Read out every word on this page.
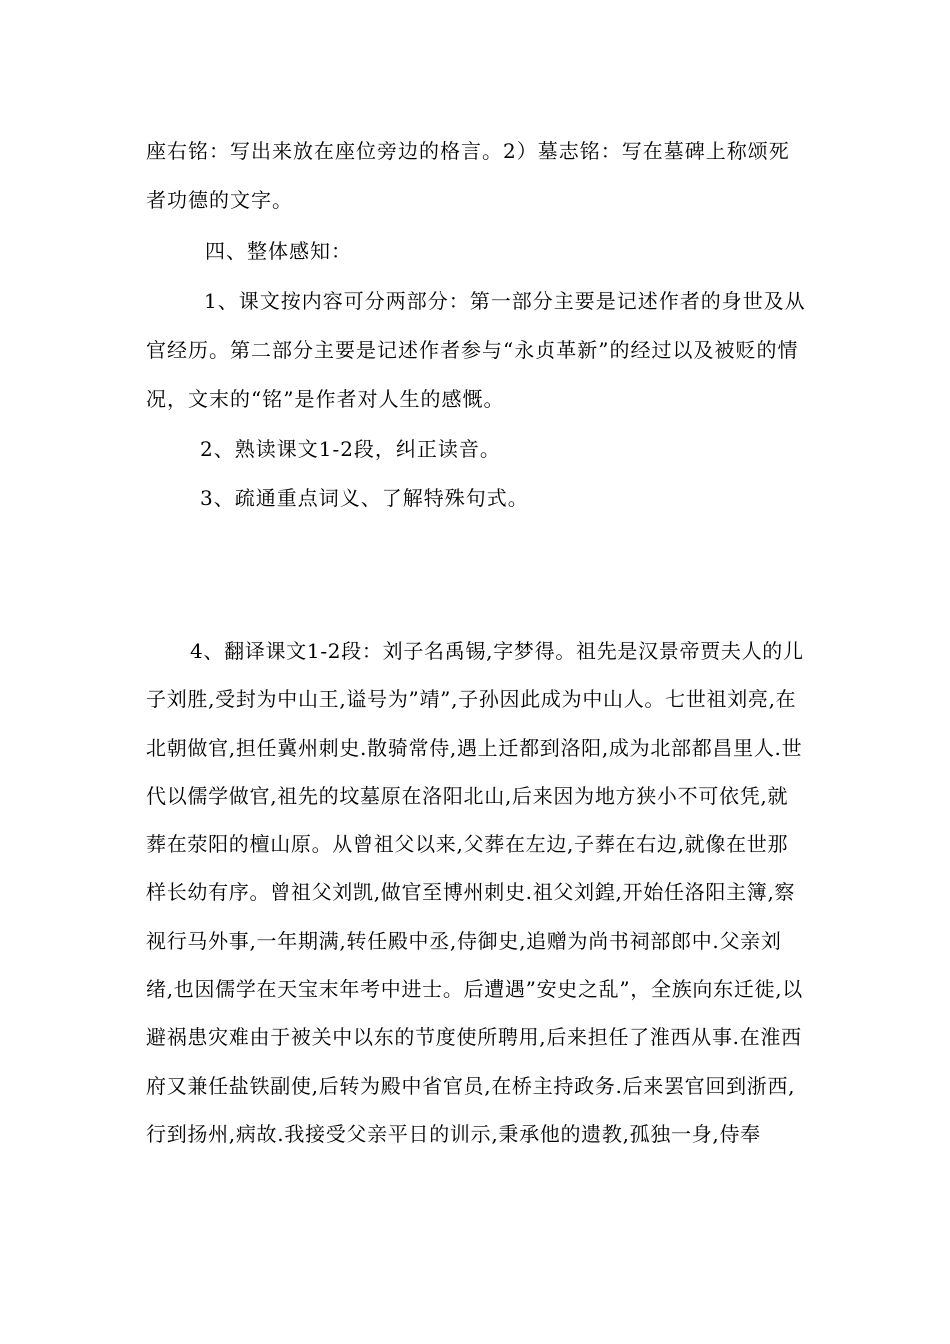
座右铭：写出来放在座位旁边的格言。2）墓志铭：写在墓碑上称颂死者功德的文字。

四、整体感知：

1、课文按内容可分两部分：第一部分主要是记述作者的身世及从官经历。第二部分主要是记述作者参与“永贞革新”的经过以及被贬的情况，文末的“铭”是作者对人生的感慨。

2、熟读课文1-2段，纠正读音。

3、疏通重点词义、了解特殊句式。

4、翻译课文1-2段：刘子名禹锡,字梦得。祖先是汉景帝贾夫人的儿子刘胜,受封为中山王,谥号为”靖”,子孙因此成为中山人。七世祖刘亮,在北朝做官,担任冀州刺史.散骑常侍,遇上迁都到洛阳,成为北部都昌里人.世代以儒学做官,祖先的坟墓原在洛阳北山,后来因为地方狭小不可依凭,就葬在荥阳的檀山原。从曾祖父以来,父葬在左边,子葬在右边,就像在世那样长幼有序。曾祖父刘凯,做官至博州刺史.祖父刘鍠,开始任洛阳主簿,察视行马外事,一年期满,转任殿中丞,侍御史,追赠为尚书祠部郎中.父亲刘绪,也因儒学在天宝末年考中进士。后遭遇”安史之乱”，全族向东迁徙,以避祸患灾难由于被关中以东的节度使所聘用,后来担任了淮西从事.在淮西府又兼任盐铁副使,后转为殿中省官员,在桥主持政务.后来罢官回到浙西,行到扬州,病故.我接受父亲平日的训示,秉承他的遗教,孤独一身,侍奉
